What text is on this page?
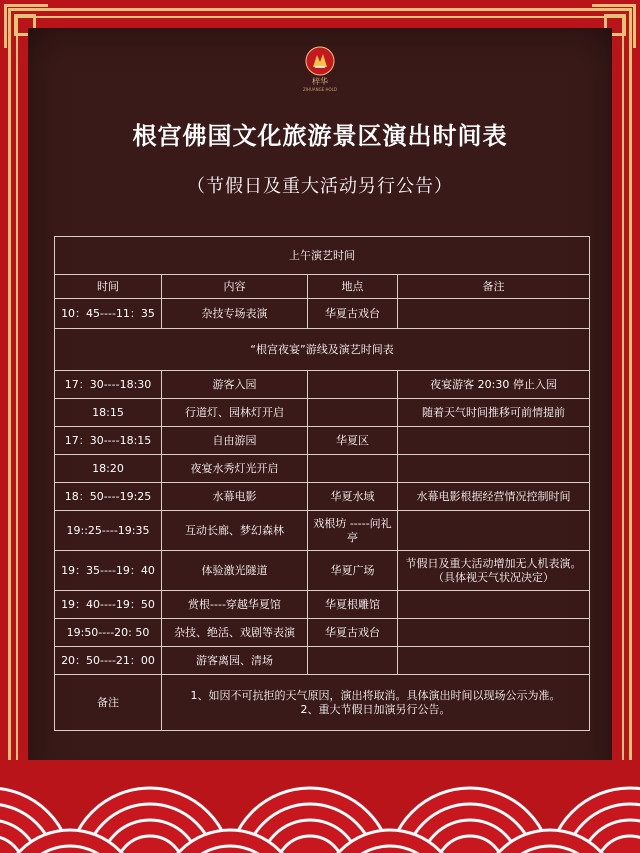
梓华
ZIHUANGE HOLD
根宫佛国文化旅游景区演出时间表
（节假日及重大活动另行公告）
上午演艺时间			
时间	内容	地点	备注
10：45----11：35	杂技专场表演	华夏古戏台	
“根宫夜宴”游线及演艺时间表			
17：30----18:30	游客入园		夜宴游客 20:30 停止入园
18:15	行道灯、园林灯开启		随着天气时间推移可前情提前
17：30----18:15	自由游园	华夏区	
18:20	夜宴水秀灯光开启		
18：50----19:25	水幕电影	华夏水域	水幕电影根据经营情况控制时间
19::25----19:35	互动长廊、梦幻森林	戏根坊 -----问礼亭	
19：35----19：40	体验激光隧道	华夏广场	节假日及重大活动增加无人机表演。（具体视天气状况决定）
19：40----19：50	赏根----穿越华夏馆	华夏根雕馆	
19:50----20: 50	杂技、绝活、戏剧等表演	华夏古戏台	
20：50----21：00	游客离园、清场		
备注	1、如因不可抗拒的天气原因，演出将取消。具体演出时间以现场公示为准。
2、重大节假日加演另行公告。		
